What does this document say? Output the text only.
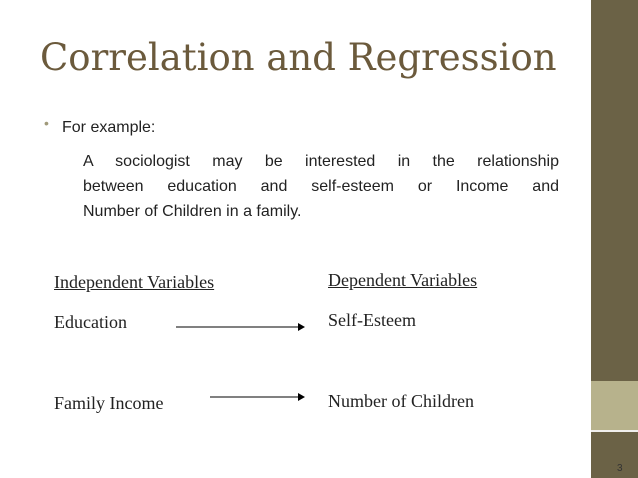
Correlation and Regression
• For example:
A sociologist may be interested in the relationship
between education and self-esteem or Income and
Number of Children in a family.
Independent Variables	Dependent Variables
Education	Self-Esteem
Family Income	Number of Children
3
